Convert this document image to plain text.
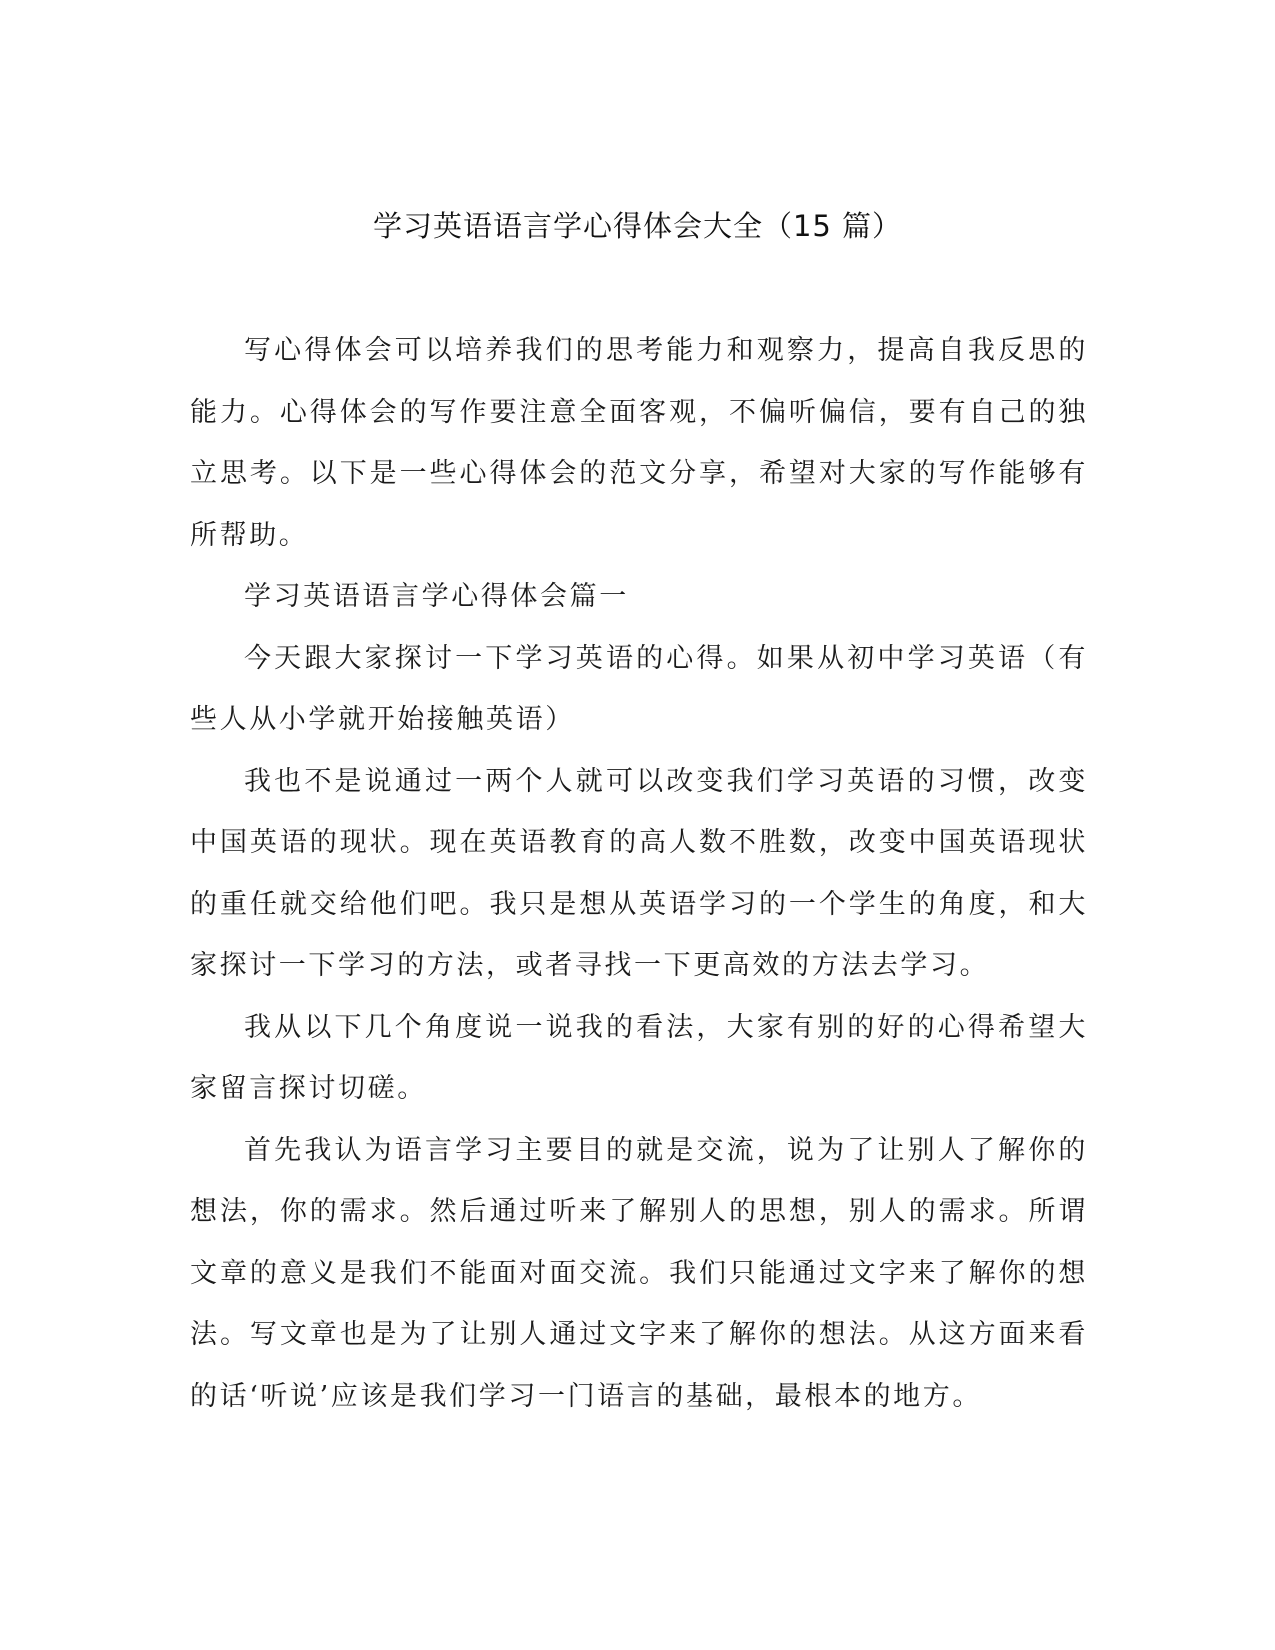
学习英语语言学心得体会大全（15 篇）

写心得体会可以培养我们的思考能力和观察力，提高自我反思的能力。心得体会的写作要注意全面客观，不偏听偏信，要有自己的独立思考。以下是一些心得体会的范文分享，希望对大家的写作能够有所帮助。

学习英语语言学心得体会篇一

今天跟大家探讨一下学习英语的心得。如果从初中学习英语（有些人从小学就开始接触英语）

我也不是说通过一两个人就可以改变我们学习英语的习惯，改变中国英语的现状。现在英语教育的高人数不胜数，改变中国英语现状的重任就交给他们吧。我只是想从英语学习的一个学生的角度，和大家探讨一下学习的方法，或者寻找一下更高效的方法去学习。

我从以下几个角度说一说我的看法，大家有别的好的心得希望大家留言探讨切磋。

首先我认为语言学习主要目的就是交流，说为了让别人了解你的想法，你的需求。然后通过听来了解别人的思想，别人的需求。所谓文章的意义是我们不能面对面交流。我们只能通过文字来了解你的想法。写文章也是为了让别人通过文字来了解你的想法。从这方面来看的话‘听说’应该是我们学习一门语言的基础，最根本的地方。
